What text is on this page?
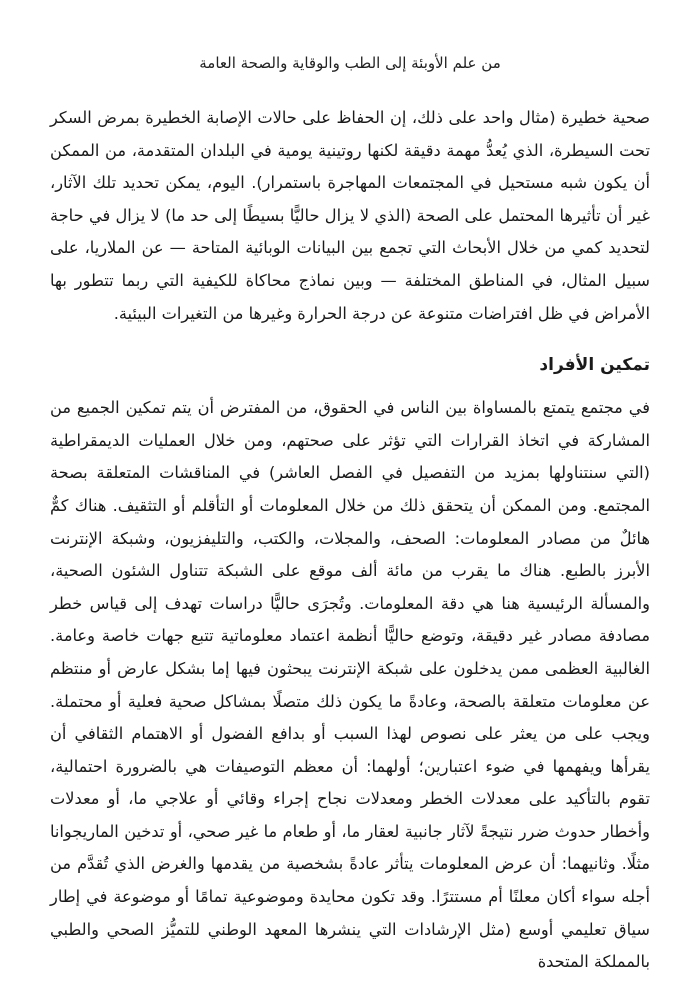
من علم الأوبئة إلى الطب والوقاية والصحة العامة

صحية خطيرة (مثال واحد على ذلك، إن الحفاظ على حالات الإصابة الخطيرة بمرض السكر تحت السيطرة، الذي يُعدُّ مهمة دقيقة لكنها روتينية يومية في البلدان المتقدمة، من الممكن أن يكون شبه مستحيل في المجتمعات المهاجرة باستمرار). اليوم، يمكن تحديد تلك الآثار، غير أن تأثيرها المحتمل على الصحة (الذي لا يزال حاليًّا بسيطًا إلى حد ما) لا يزال في حاجة لتحديد كمي من خلال الأبحاث التي تجمع بين البيانات الوبائية المتاحة — عن الملاريا، على سبيل المثال، في المناطق المختلفة — وبين نماذج محاكاة للكيفية التي ربما تتطور بها الأمراض في ظل افتراضات متنوعة عن درجة الحرارة وغيرها من التغيرات البيئية.

تمكين الأفراد

في مجتمع يتمتع بالمساواة بين الناس في الحقوق، من المفترض أن يتم تمكين الجميع من المشاركة في اتخاذ القرارات التي تؤثر على صحتهم، ومن خلال العمليات الديمقراطية (التي سنتناولها بمزيد من التفصيل في الفصل العاشر) في المناقشات المتعلقة بصحة المجتمع. ومن الممكن أن يتحقق ذلك من خلال المعلومات أو التأقلم أو التثقيف. هناك كمٌّ هائلٌ من مصادر المعلومات: الصحف، والمجلات، والكتب، والتليفزيون، وشبكة الإنترنت الأبرز بالطبع. هناك ما يقرب من مائة ألف موقع على الشبكة تتناول الشئون الصحية، والمسألة الرئيسية هنا هي دقة المعلومات. وتُجرَى حاليًّا دراسات تهدف إلى قياس خطر مصادفة مصادر غير دقيقة، وتوضع حاليًّا أنظمة اعتماد معلوماتية تتبع جهات خاصة وعامة. الغالبية العظمى ممن يدخلون على شبكة الإنترنت يبحثون فيها إما بشكل عارض أو منتظم عن معلومات متعلقة بالصحة، وعادةً ما يكون ذلك متصلًا بمشاكل صحية فعلية أو محتملة. ويجب على من يعثر على نصوص لهذا السبب أو بدافع الفضول أو الاهتمام الثقافي أن يقرأها ويفهمها في ضوء اعتبارين؛ أولهما: أن معظم التوصيفات هي بالضرورة احتمالية، تقوم بالتأكيد على معدلات الخطر ومعدلات نجاح إجراء وقائي أو علاجي ما، أو معدلات وأخطار حدوث ضرر نتيجةً لآثار جانبية لعقار ما، أو طعام ما غير صحي، أو تدخين الماريجوانا مثلًا. وثانيهما: أن عرض المعلومات يتأثر عادةً بشخصية من يقدمها والغرض الذي تُقدَّم من أجله سواء أكان معلنًا أم مستترًا. وقد تكون محايدة وموضوعية تمامًا أو موضوعة في إطار سياق تعليمي أوسع (مثل الإرشادات التي ينشرها المعهد الوطني للتميُّز الصحي والطبي بالمملكة المتحدة
